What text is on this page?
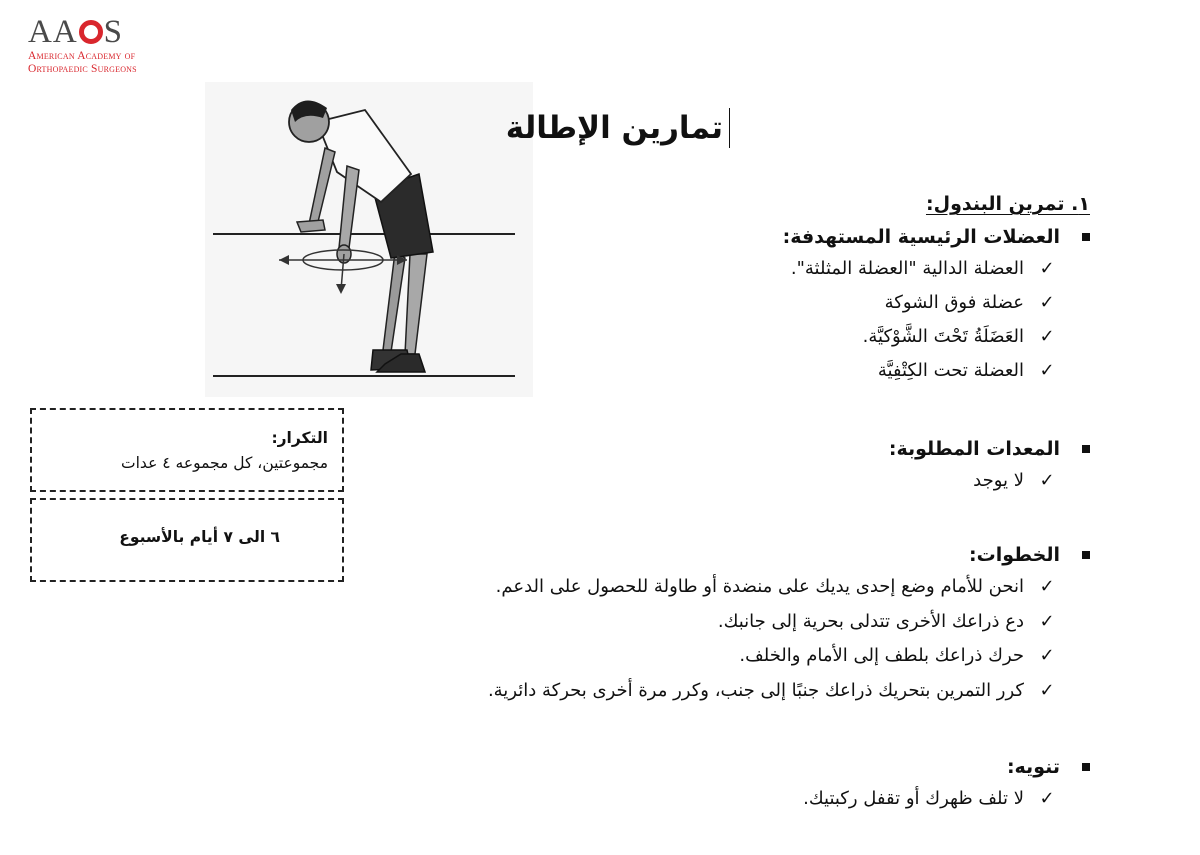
AA S
American Academy of
Orthopaedic Surgeons
تمارين الإطالة
١. تمرين البندول:
العضلات الرئيسية المستهدفة:
✓
العضلة الدالية "العضلة المثلثة".
✓
عضلة فوق الشوكة
✓
العَضَلَةُ تَحْتَ الشَّوْكيَّة.
✓
العضلة تحت الكِتْفِيَّة
المعدات المطلوبة:
✓
لا يوجد
الخطوات:
✓
انحن للأمام وضع إحدى يديك على منضدة أو طاولة للحصول على الدعم.
✓
دع ذراعك الأخرى تتدلى بحرية إلى جانبك.
✓
حرك ذراعك بلطف إلى الأمام والخلف.
✓
كرر التمرين بتحريك ذراعك جنبًا إلى جنب، وكرر مرة أخرى بحركة دائرية.
تنويه:
✓
لا تلف ظهرك أو تقفل ركبتيك.
التكرار:
مجموعتين، كل مجموعه ٤ عدات
٦ الى ٧ أيام بالأسبوع
